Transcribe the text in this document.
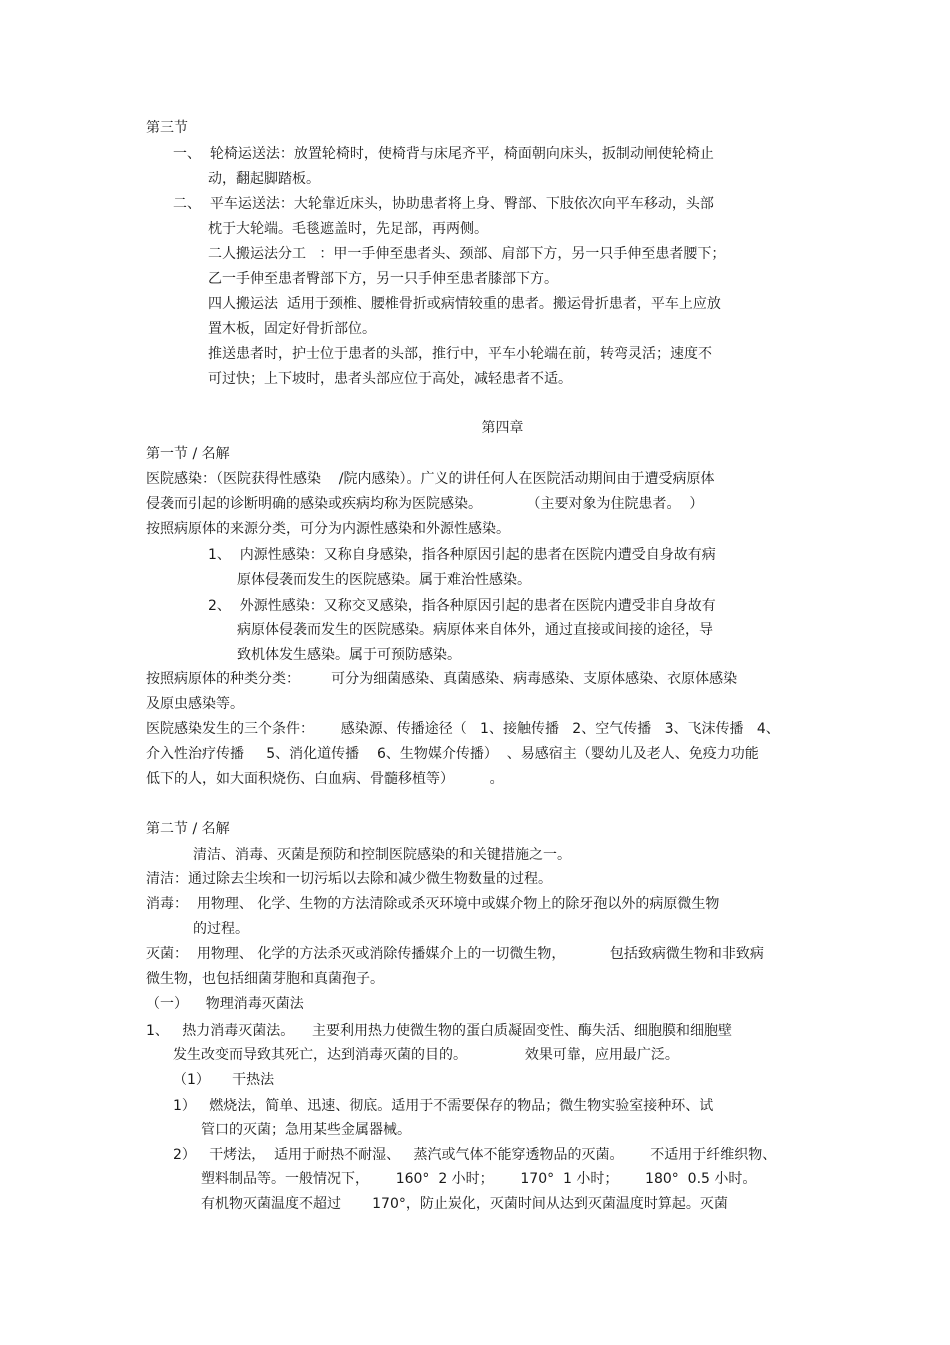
第三节
一、  轮椅运送法：放置轮椅时，使椅背与床尾齐平，椅面朝向床头，扳制动闸使轮椅止
动，翻起脚踏板。
二、  平车运送法：大轮靠近床头，协助患者将上身、臀部、下肢依次向平车移动，头部
枕于大轮端。毛毯遮盖时，先足部，再两侧。
二人搬运法分工   ：甲一手伸至患者头、颈部、肩部下方，另一只手伸至患者腰下；
乙一手伸至患者臀部下方，另一只手伸至患者膝部下方。
四人搬运法  适用于颈椎、腰椎骨折或病情较重的患者。搬运骨折患者，平车上应放
置木板，固定好骨折部位。
推送患者时，护士位于患者的头部，推行中，平车小轮端在前，转弯灵活；速度不
可过快；上下坡时，患者头部应位于高处，减轻患者不适。
第四章
第一节 / 名解
医院感染：（医院获得性感染    /院内感染）。广义的讲任何人在医院活动期间由于遭受病原体
侵袭而引起的诊断明确的感染或疾病均称为医院感染。          （主要对象为住院患者。  ）
按照病原体的来源分类，可分为内源性感染和外源性感染。
1、  内源性感染：又称自身感染，指各种原因引起的患者在医院内遭受自身故有病
原体侵袭而发生的医院感染。属于难治性感染。
2、  外源性感染：又称交叉感染，指各种原因引起的患者在医院内遭受非自身故有
病原体侵袭而发生的医院感染。病原体来自体外，通过直接或间接的途径，导
致机体发生感染。属于可预防感染。
按照病原体的种类分类：       可分为细菌感染、真菌感染、病毒感染、支原体感染、衣原体感染
及原虫感染等。
医院感染发生的三个条件：      感染源、传播途径（   1、接触传播   2、空气传播   3、飞沫传播   4、
介入性治疗传播     5、消化道传播    6、生物媒介传播）  、易感宿主（婴幼儿及老人、免疫力功能
低下的人，如大面积烧伤、白血病、骨髓移植等）        。
第二节 / 名解
清洁、消毒、灭菌是预防和控制医院感染的和关键措施之一。
清洁：通过除去尘埃和一切污垢以去除和减少微生物数量的过程。
消毒：  用物理、 化学、生物的方法清除或杀灭环境中或媒介物上的除牙孢以外的病原微生物
的过程。
灭菌：  用物理、 化学的方法杀灭或消除传播媒介上的一切微生物，          包括致病微生物和非致病
微生物，也包括细菌芽胞和真菌孢子。
（一）    物理消毒灭菌法
1、   热力消毒灭菌法。    主要利用热力使微生物的蛋白质凝固变性、酶失活、细胞膜和细胞壁
发生改变而导致其死亡，达到消毒灭菌的目的。             效果可靠，应用最广泛。
（1）     干热法
1）   燃烧法，简单、迅速、彻底。适用于不需要保存的物品；微生物实验室接种环、试
管口的灭菌；急用某些金属器械。
2）   干烤法，  适用于耐热不耐湿、   蒸汽或气体不能穿透物品的灭菌。      不适用于纤维织物、
塑料制品等。一般情况下，      160°  2 小时；      170°  1 小时；      180°  0.5 小时。
有机物灭菌温度不超过       170°，防止炭化，灭菌时间从达到灭菌温度时算起。灭菌
